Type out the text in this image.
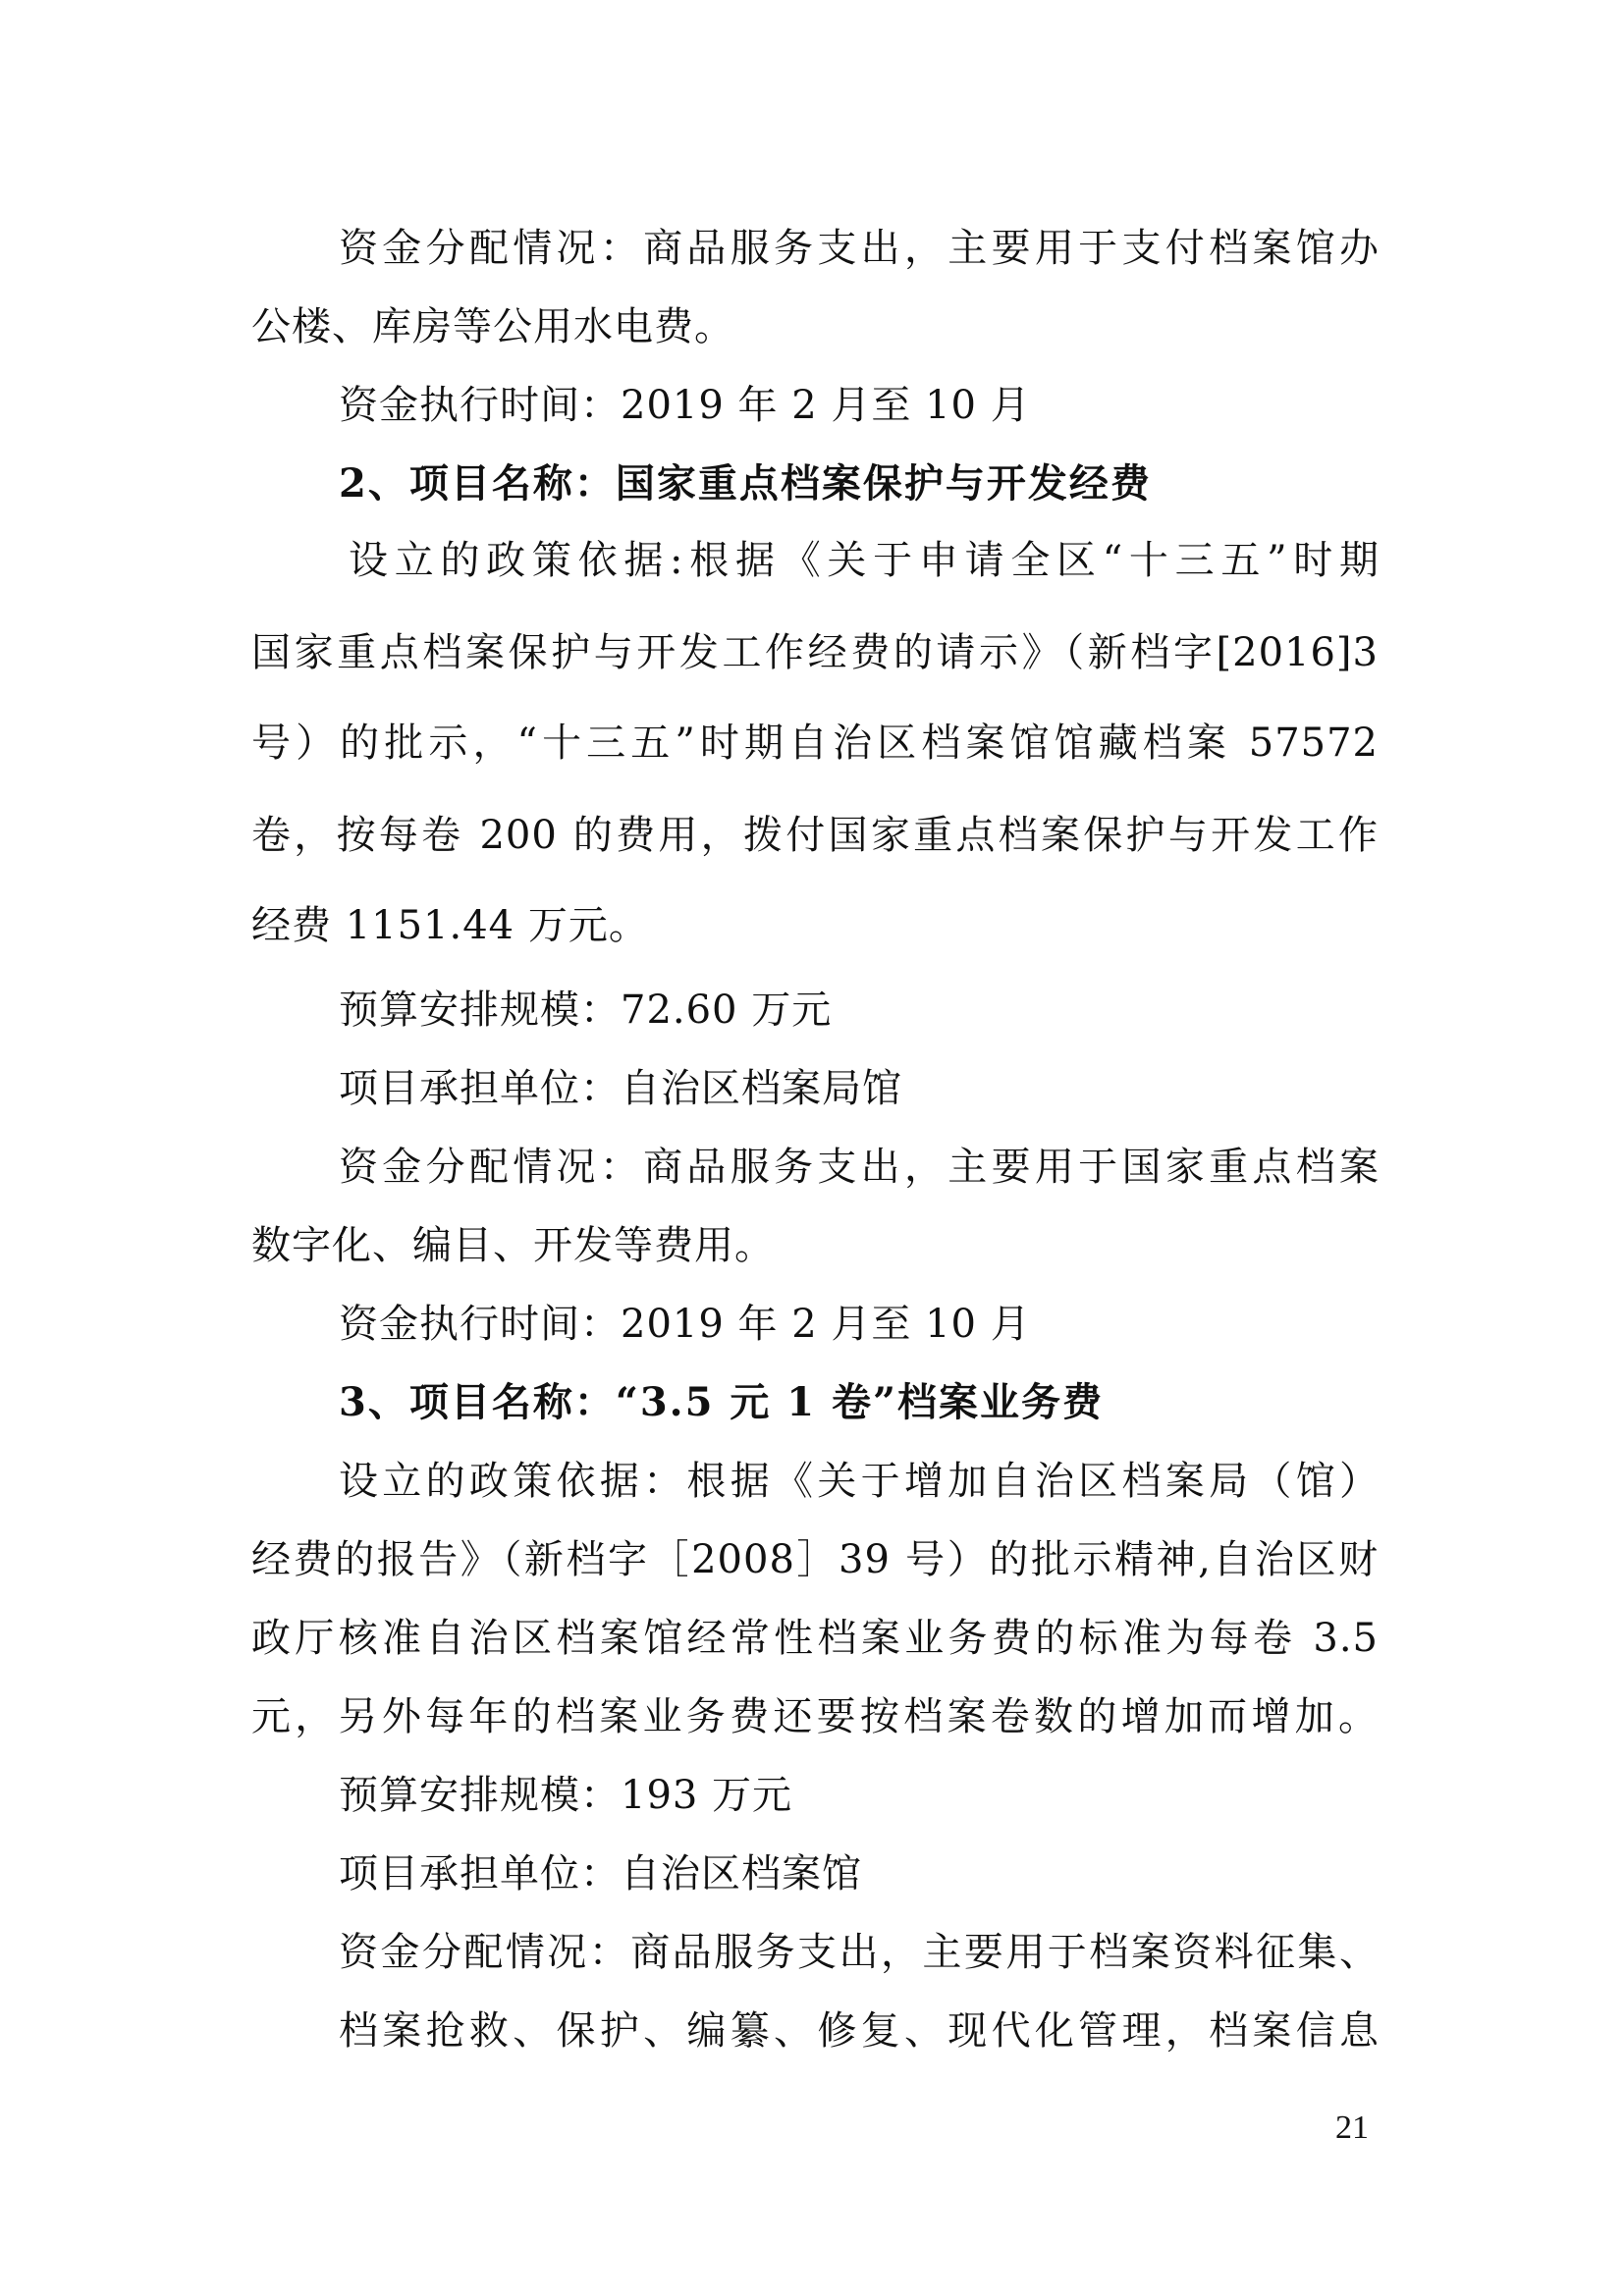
资金分配情况：商品服务支出，主要用于支付档案馆办
公楼、库房等公用水电费。
资金执行时间：2019 年 2 月至 10 月
2、项目名称：国家重点档案保护与开发经费
设立的政策依据:根据《关于申请全区“十三五”时期
国家重点档案保护与开发工作经费的请示》（新档字[2016]3
号）的批示，“十三五”时期自治区档案馆馆藏档案 57572
卷，按每卷 200 的费用，拨付国家重点档案保护与开发工作
经费 1151.44 万元。
预算安排规模：72.60 万元
项目承担单位：自治区档案局馆
资金分配情况：商品服务支出，主要用于国家重点档案
数字化、编目、开发等费用。
资金执行时间：2019 年 2 月至 10 月
3、项目名称：“3.5 元 1 卷”档案业务费
设立的政策依据：根据《关于增加自治区档案局（馆）
经费的报告》（新档字［2008］39 号）的批示精神,自治区财
政厅核准自治区档案馆经常性档案业务费的标准为每卷 3.5
元，另外每年的档案业务费还要按档案卷数的增加而增加。
预算安排规模：193 万元
项目承担单位：自治区档案馆
资金分配情况：商品服务支出，主要用于档案资料征集、
档案抢救、保护、编纂、修复、现代化管理，档案信息
21
